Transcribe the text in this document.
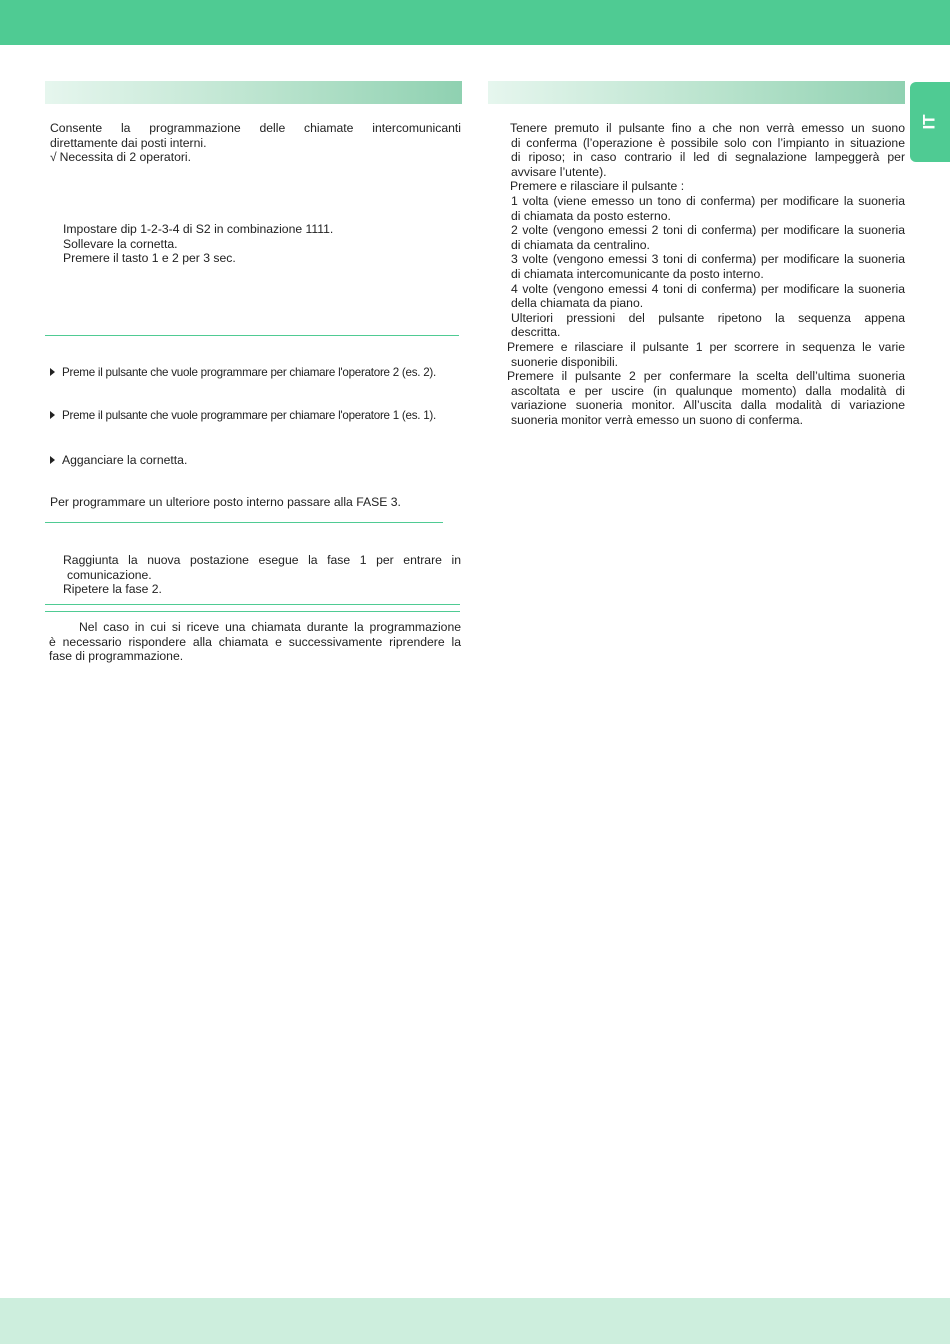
IT
Consente la programmazione delle chiamate intercomunicanti
direttamente dai posti interni.
√ Necessita di 2 operatori.
Impostare dip 1-2-3-4 di S2 in combinazione 1111.
Sollevare la cornetta.
Premere il tasto 1 e 2 per 3 sec.
Preme il pulsante che vuole programmare per chiamare l'operatore 2 (es. 2).
Preme il pulsante che vuole programmare per chiamare l'operatore 1 (es. 1).
Agganciare la cornetta.
Per programmare un ulteriore posto interno passare alla FASE 3.
Raggiunta la nuova postazione esegue la fase 1 per entrare in
comunicazione.
Ripetere la fase 2.
Nel caso in cui si riceve una chiamata durante la programmazione
è necessario rispondere alla chiamata e successivamente riprendere la
fase di programmazione.
Tenere premuto il pulsante fino a che non verrà emesso un suono
di conferma (l’operazione è possibile solo con l’impianto in situazione
di riposo; in caso contrario il led di segnalazione lampeggerà per
avvisare l’utente).
Premere e rilasciare il pulsante :
1 volta (viene emesso un tono di conferma) per modificare la suoneria
di chiamata da posto esterno.
2 volte (vengono emessi 2 toni di conferma) per modificare la suoneria
di chiamata da centralino.
3 volte (vengono emessi 3 toni di conferma) per modificare la suoneria
di chiamata intercomunicante da posto interno.
4 volte (vengono emessi 4 toni di conferma) per modificare la suoneria
della chiamata da piano.
Ulteriori pressioni del pulsante ripetono la sequenza appena
descritta.
Premere e rilasciare il pulsante 1 per scorrere in sequenza le varie
suonerie disponibili.
Premere il pulsante 2 per confermare la scelta dell’ultima suoneria
ascoltata e per uscire (in qualunque momento) dalla modalità di
variazione suoneria monitor. All’uscita dalla modalità di variazione
suoneria monitor verrà emesso un suono di conferma.
